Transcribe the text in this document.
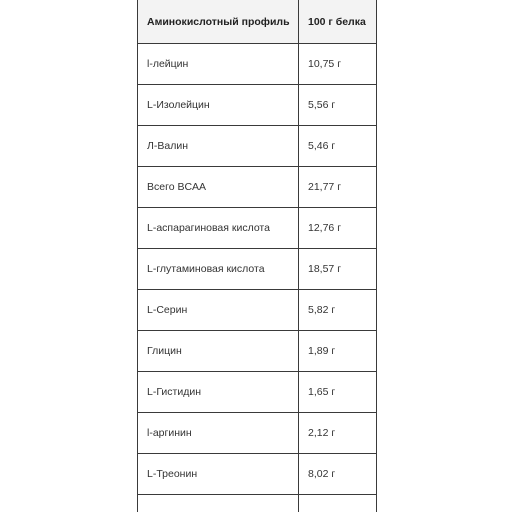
Аминокислотный профиль	100 г белка
l-лейцин	10,75 г
L-Изолейцин	5,56 г
Л-Валин	5,46 г
Всего BCAA	21,77 г
L-аспарагиновая кислота	12,76 г
L-глутаминовая кислота	18,57 г
L-Серин	5,82 г
Глицин	1,89 г
L-Гистидин	1,65 г
l-аргинин	2,12 г
L-Треонин	8,02 г
